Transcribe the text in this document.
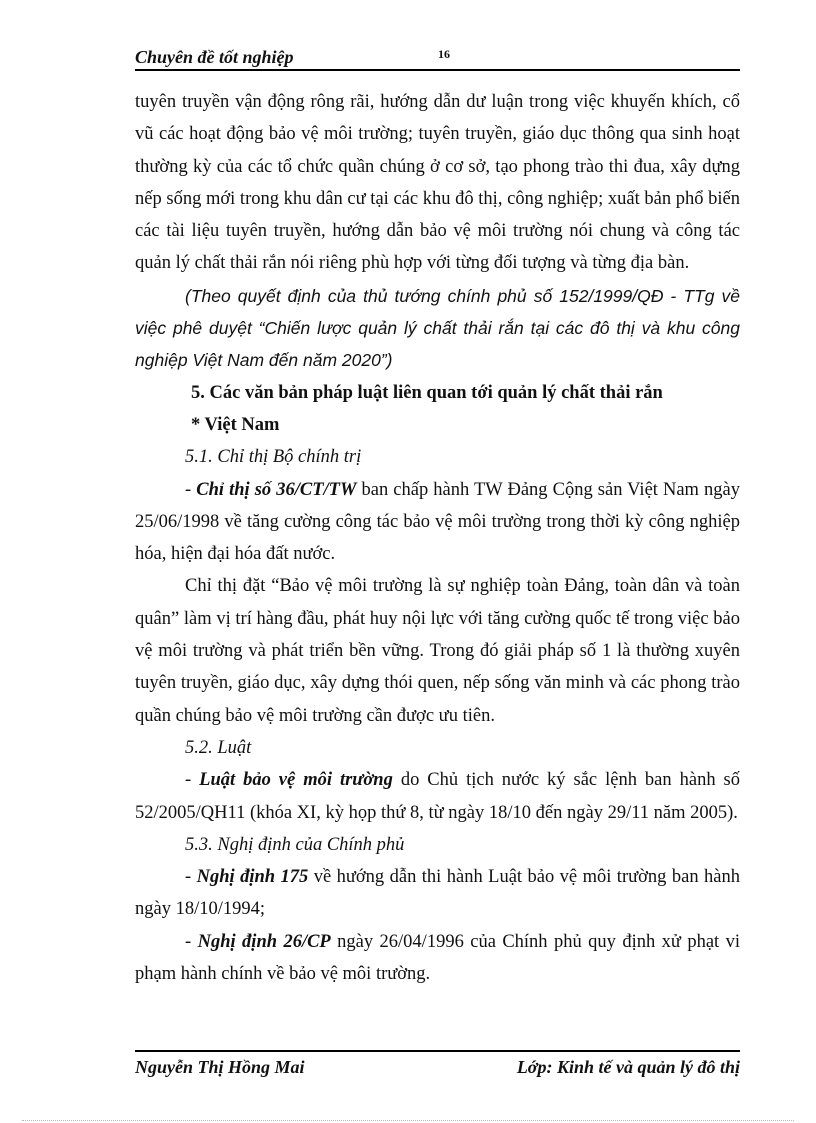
Chuyên đề tốt nghiệp	16

tuyên truyền vận động rông rãi, hướng dẫn dư luận trong việc khuyến khích, cổ vũ các hoạt động bảo vệ môi trường; tuyên truyền, giáo dục thông qua sinh hoạt thường kỳ của các tổ chức quần chúng ở cơ sở, tạo phong trào thi đua, xây dựng nếp sống mới trong khu dân cư tại các khu đô thị, công nghiệp; xuất bản phổ biến các tài liệu tuyên truyền, hướng dẫn bảo vệ môi trường nói chung và công tác quản lý chất thải rắn nói riêng phù hợp với từng đối tượng và từng địa bàn.

(Theo quyết định của thủ tướng chính phủ số 152/1999/QĐ - TTg về việc phê duyệt “Chiến lược quản lý chất thải rắn tại các đô thị và khu công nghiệp Việt Nam đến năm 2020”)

5. Các văn bản pháp luật liên quan tới quản lý chất thải rắn

* Việt Nam

5.1. Chỉ thị Bộ chính trị

- Chỉ thị số 36/CT/TW ban chấp hành TW Đảng Cộng sản Việt Nam ngày 25/06/1998 về tăng cường công tác bảo vệ môi trường trong thời kỳ công nghiệp hóa, hiện đại hóa đất nước.

Chỉ thị đặt “Bảo vệ môi trường là sự nghiệp toàn Đảng, toàn dân và toàn quân” làm vị trí hàng đầu, phát huy nội lực với tăng cường quốc tế trong việc bảo vệ môi trường và phát triển bền vững. Trong đó giải pháp số 1 là thường xuyên tuyên truyền, giáo dục, xây dựng thói quen, nếp sống văn minh và các phong trào quần chúng bảo vệ môi trường cần được ưu tiên.

5.2. Luật

- Luật bảo vệ môi trường do Chủ tịch nước ký sắc lệnh ban hành số 52/2005/QH11 (khóa XI, kỳ họp thứ 8, từ ngày 18/10 đến ngày 29/11 năm 2005).

5.3. Nghị định của Chính phủ

- Nghị định 175 về hướng dẫn thi hành Luật bảo vệ môi trường ban hành ngày 18/10/1994;

- Nghị định 26/CP ngày 26/04/1996 của Chính phủ quy định xử phạt vi phạm hành chính về bảo vệ môi trường.

Nguyễn Thị Hồng Mai	Lớp: Kinh tế và quản lý đô thị
